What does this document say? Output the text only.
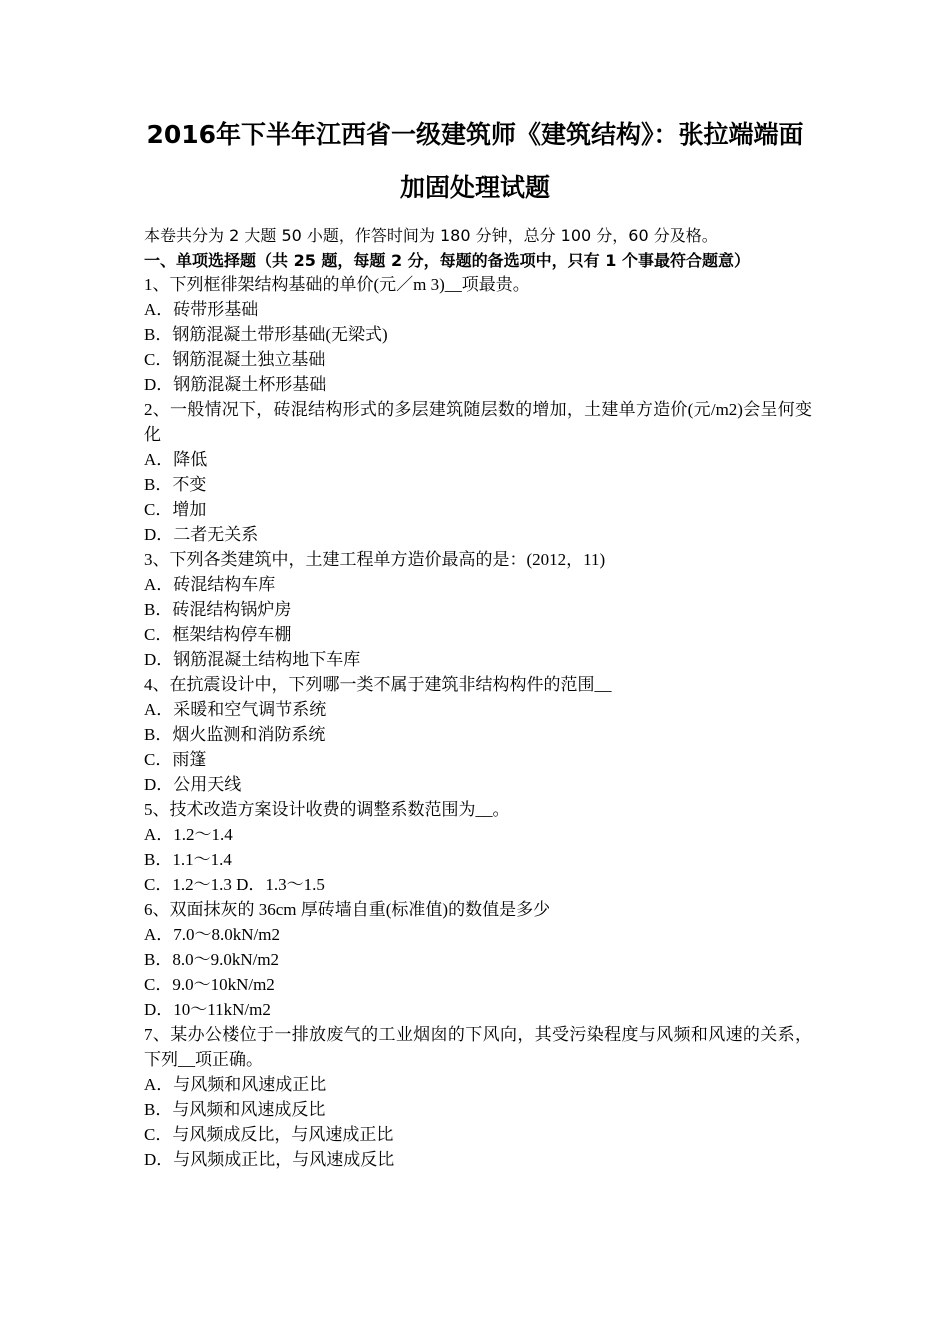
2016年下半年江西省一级建筑师《建筑结构》：张拉端端面
加固处理试题
本卷共分为 2 大题 50 小题，作答时间为 180 分钟，总分 100 分，60 分及格。
一、单项选择题（共 25 题，每题 2 分，每题的备选项中，只有 1 个事最符合题意）
1、下列框徘架结构基础的单价(元／m 3)__项最贵。
A．砖带形基础
B．钢筋混凝土带形基础(无梁式)
C．钢筋混凝土独立基础
D．钢筋混凝土杯形基础
2、一般情况下，砖混结构形式的多层建筑随层数的增加，土建单方造价(元/m2)会呈何变化
A．降低
B．不变
C．增加
D．二者无关系
3、下列各类建筑中，土建工程单方造价最高的是：(2012，11)
A．砖混结构车库
B．砖混结构锅炉房
C．框架结构停车棚
D．钢筋混凝土结构地下车库
4、在抗震设计中，下列哪一类不属于建筑非结构构件的范围__
A．采暖和空气调节系统
B．烟火监测和消防系统
C．雨篷
D．公用天线
5、技术改造方案设计收费的调整系数范围为__。
A．1.2～1.4
B．1.1～1.4
C．1.2～1.3 D．1.3～1.5
6、双面抹灰的 36cm 厚砖墙自重(标准值)的数值是多少
A．7.0～8.0kN/m2
B．8.0～9.0kN/m2
C．9.0～10kN/m2
D．10～11kN/m2
7、某办公楼位于一排放废气的工业烟囱的下风向，其受污染程度与风频和风速的关系，下列__项正确。
A．与风频和风速成正比
B．与风频和风速成反比
C．与风频成反比，与风速成正比
D．与风频成正比，与风速成反比
